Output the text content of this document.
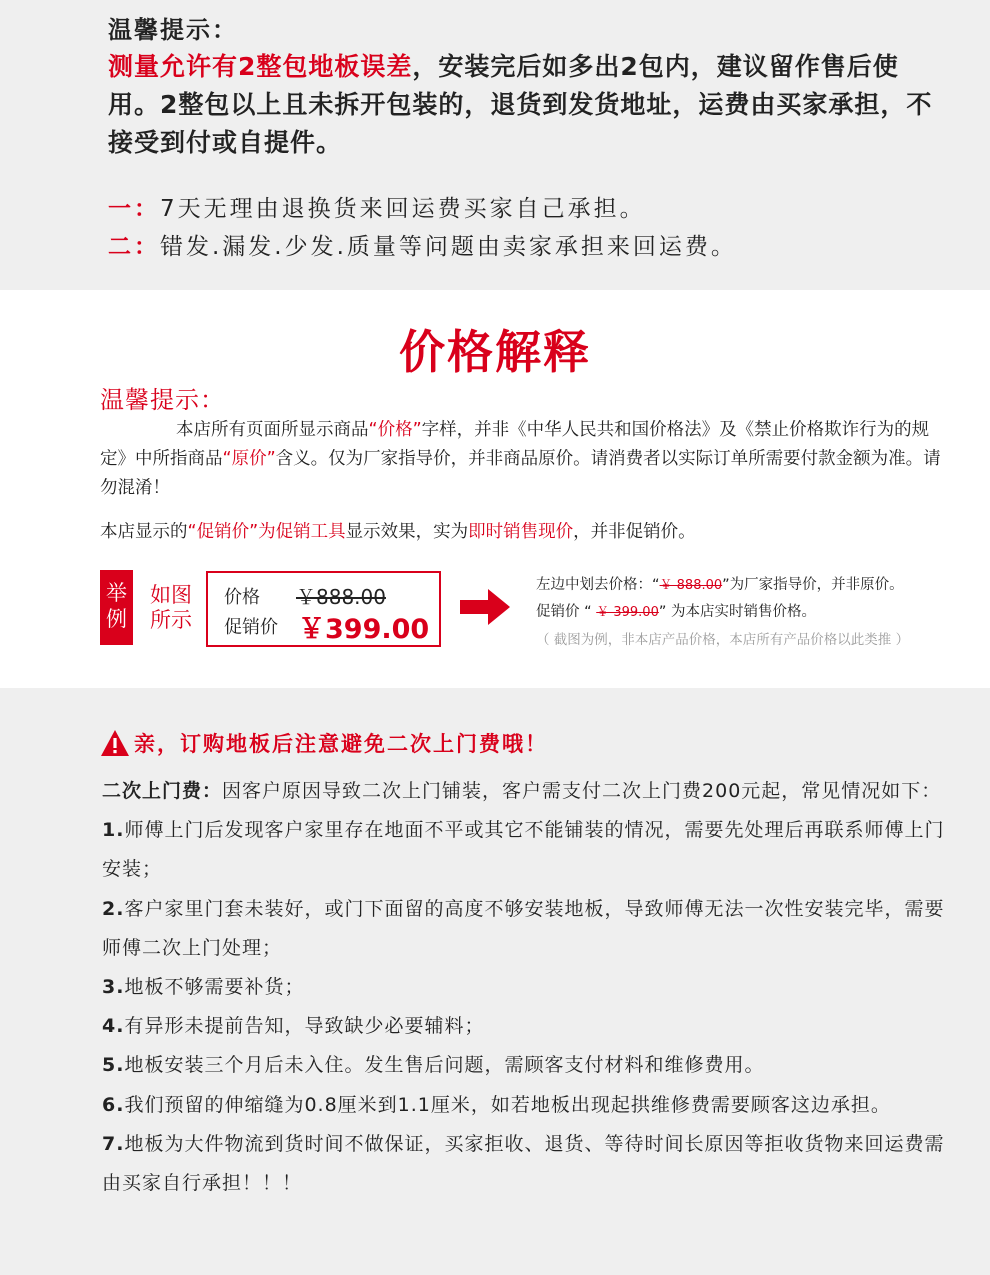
温馨提示：
测量允许有2整包地板误差，安装完后如多出2包内，建议留作售后使用。2整包以上且未拆开包装的，退货到发货地址，运费由买家承担，不接受到付或自提件。
一：7天无理由退换货来回运费买家自己承担。
二：错发.漏发.少发.质量等问题由卖家承担来回运费。
价格解释
温馨提示：
本店所有页面所显示商品“价格”字样，并非《中华人民共和国价格法》及《禁止价格欺诈行为的规定》中所指商品“原价”含义。仅为厂家指导价，并非商品原价。请消费者以实际订单所需要付款金额为准。请勿混淆！
本店显示的“促销价”为促销工具显示效果，实为即时销售现价，并非促销价。
举
例
如图
所示
价格 ￥888.00
促销价 ￥399.00
左边中划去价格：“￥ 888.00”为厂家指导价，并非原价。
促销价 “ ￥ 399.00” 为本店实时销售价格。
（ 截图为例，非本店产品价格，本店所有产品价格以此类推 ）
亲，订购地板后注意避免二次上门费哦！

二次上门费：因客户原因导致二次上门铺装，客户需支付二次上门费200元起，常见情况如下：

1.师傅上门后发现客户家里存在地面不平或其它不能铺装的情况，需要先处理后再联系师傅上门安装；

2.客户家里门套未装好，或门下面留的高度不够安装地板，导致师傅无法一次性安装完毕，需要师傅二次上门处理；

3.地板不够需要补货；

4.有异形未提前告知，导致缺少必要辅料；

5.地板安装三个月后未入住。发生售后问题，需顾客支付材料和维修费用。

6.我们预留的伸缩缝为0.8厘米到1.1厘米，如若地板出现起拱维修费需要顾客这边承担。

7.地板为大件物流到货时间不做保证，买家拒收、退货、等待时间长原因等拒收货物来回运费需由买家自行承担！！！
